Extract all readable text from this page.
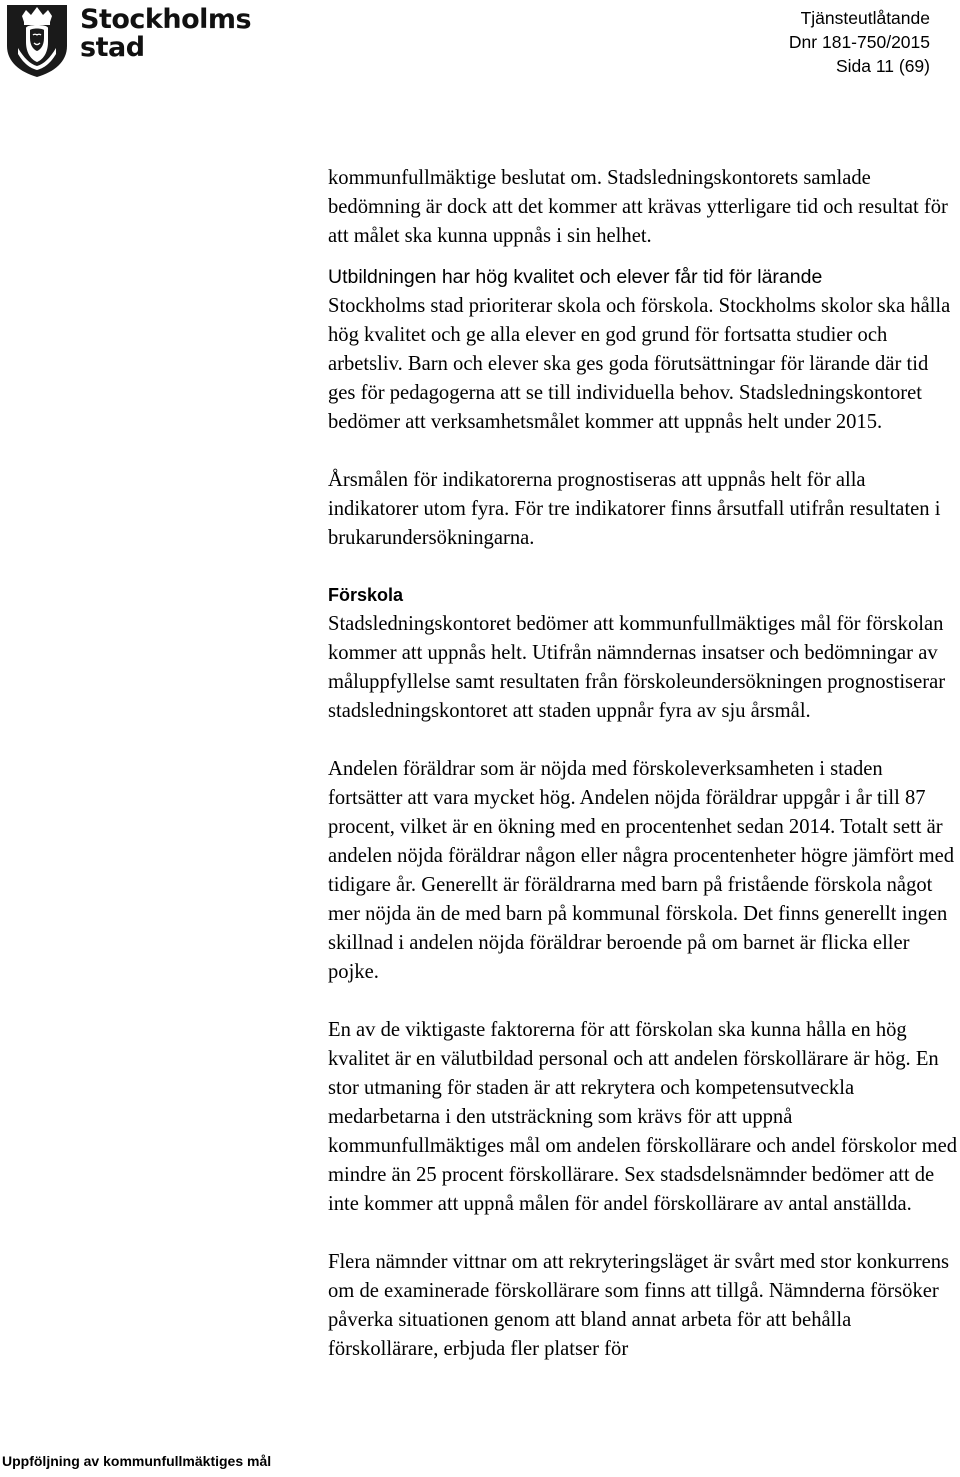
Stockholms
stad
Tjänsteutlåtande
Dnr 181-750/2015
Sida 11 (69)

kommunfullmäktige beslutat om. Stadsledningskontorets samlade bedömning är dock att det kommer att krävas ytterligare tid och resultat för att målet ska kunna uppnås i sin helhet.

Utbildningen har hög kvalitet och elever får tid för lärande
Stockholms stad prioriterar skola och förskola. Stockholms skolor ska hålla hög kvalitet och ge alla elever en god grund för fortsatta studier och arbetsliv. Barn och elever ska ges goda förutsättningar för lärande där tid ges för pedagogerna att se till individuella behov. Stadsledningskontoret bedömer att verksamhetsmålet kommer att uppnås helt under 2015.

Årsmålen för indikatorerna prognostiseras att uppnås helt för alla indikatorer utom fyra. För tre indikatorer finns årsutfall utifrån resultaten i brukarundersökningarna.

Förskola

Stadsledningskontoret bedömer att kommunfullmäktiges mål för förskolan kommer att uppnås helt. Utifrån nämndernas insatser och bedömningar av måluppfyllelse samt resultaten från förskoleundersökningen prognostiserar stadsledningskontoret att staden uppnår fyra av sju årsmål.

Andelen föräldrar som är nöjda med förskoleverksamheten i staden fortsätter att vara mycket hög. Andelen nöjda föräldrar uppgår i år till 87 procent, vilket är en ökning med en procentenhet sedan 2014. Totalt sett är andelen nöjda föräldrar någon eller några procentenheter högre jämfört med tidigare år. Generellt är föräldrarna med barn på fristående förskola något mer nöjda än de med barn på kommunal förskola. Det finns generellt ingen skillnad i andelen nöjda föräldrar beroende på om barnet är flicka eller pojke.

En av de viktigaste faktorerna för att förskolan ska kunna hålla en hög kvalitet är en välutbildad personal och att andelen förskollärare är hög. En stor utmaning för staden är att rekrytera och kompetensutveckla medarbetarna i den utsträckning som krävs för att uppnå kommunfullmäktiges mål om andelen förskollärare och andel förskolor med mindre än 25 procent förskollärare. Sex stadsdelsnämnder bedömer att de inte kommer att uppnå målen för andel förskollärare av antal anställda.

Flera nämnder vittnar om att rekryteringsläget är svårt med stor konkurrens om de examinerade förskollärare som finns att tillgå. Nämnderna försöker påverka situationen genom att bland annat arbeta för att behålla förskollärare, erbjuda fler platser för

Uppföljning av kommunfullmäktiges mål
